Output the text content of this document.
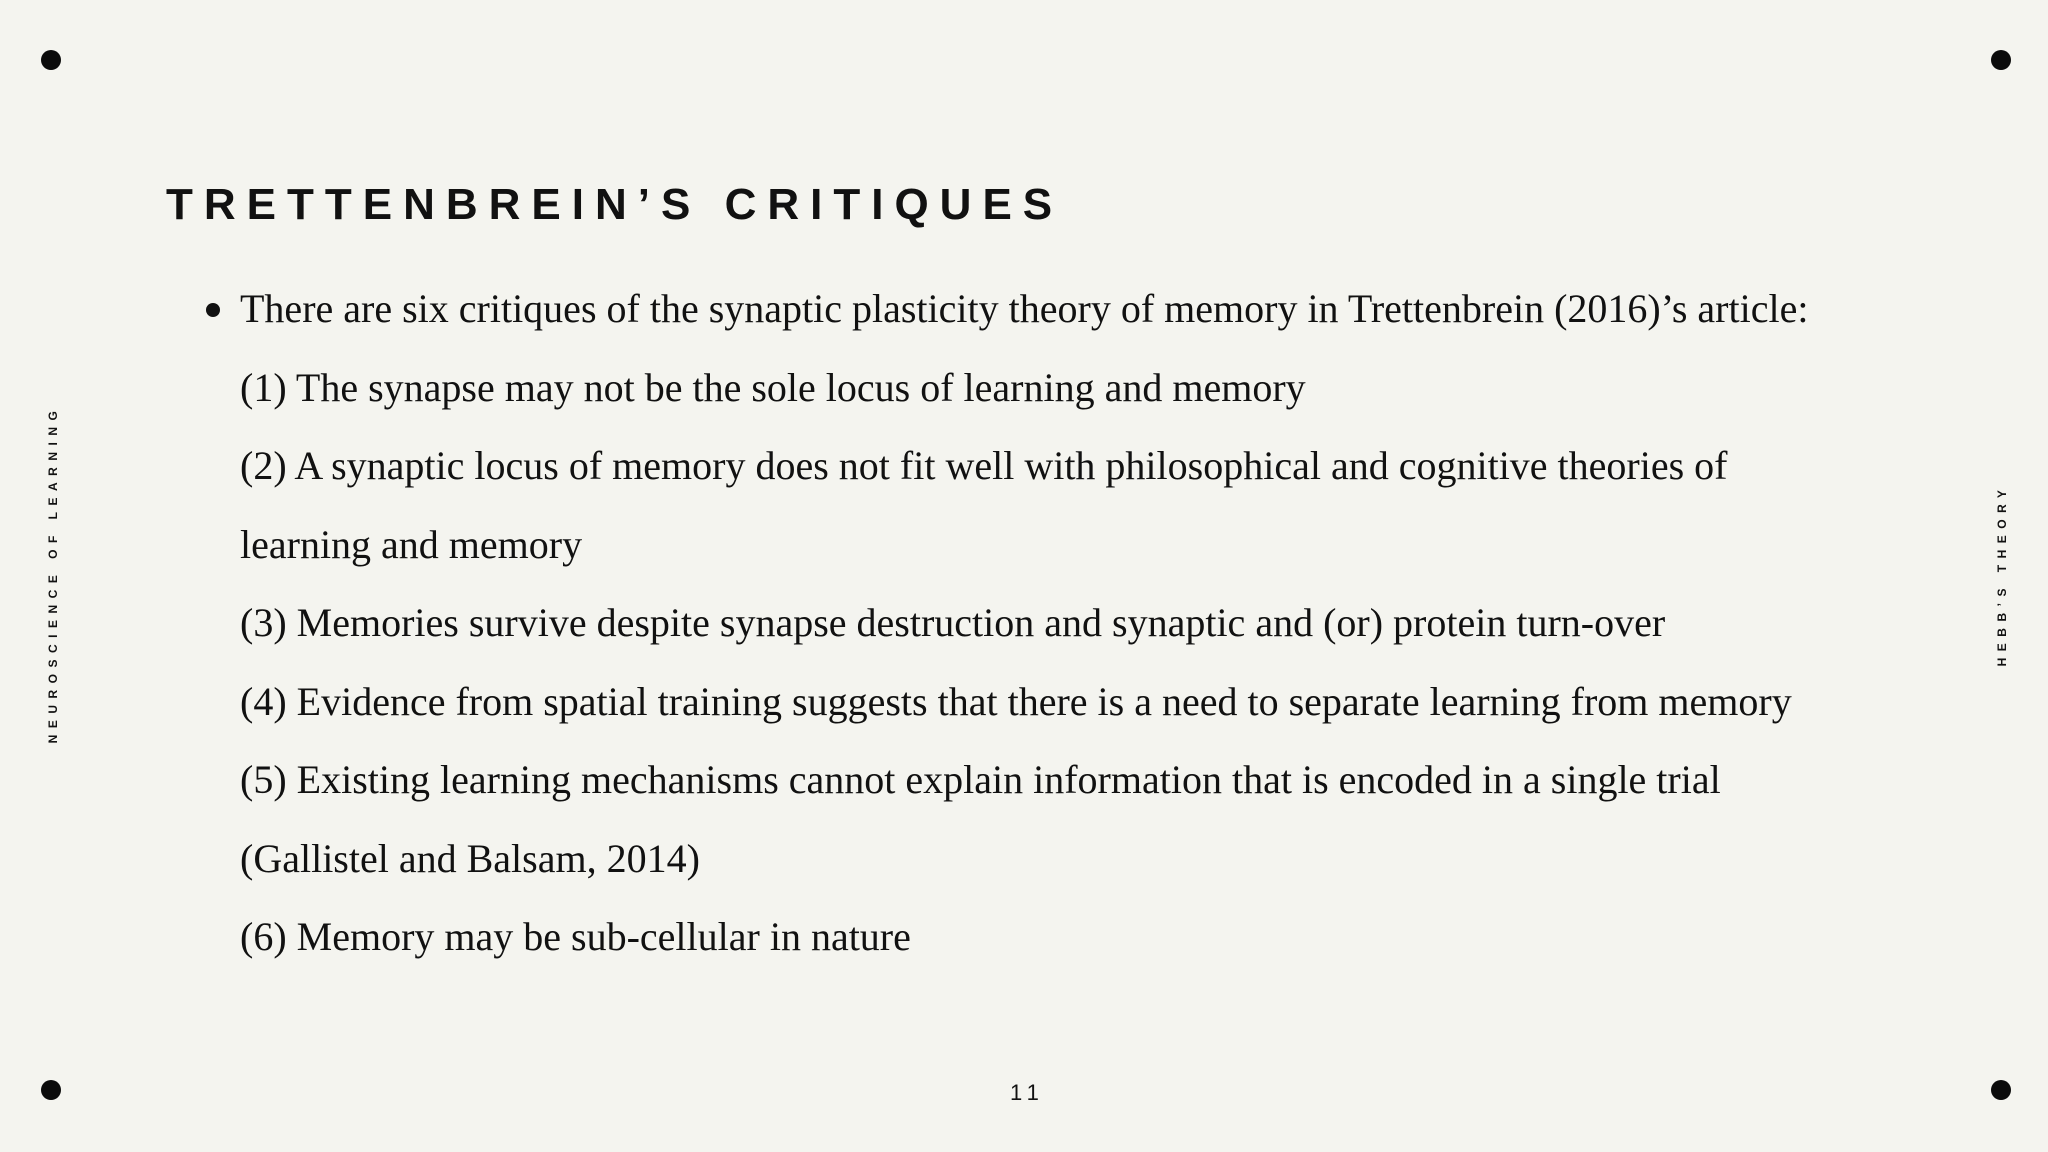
TRETTENBREIN’S CRITIQUES
There are six critiques of the synaptic plasticity theory of memory in Trettenbrein (2016)’s article:
(1) The synapse may not be the sole locus of learning and memory
(2) A synaptic locus of memory does not fit well with philosophical and cognitive theories of
learning and memory
(3) Memories survive despite synapse destruction and synaptic and (or) protein turn-over
(4) Evidence from spatial training suggests that there is a need to separate learning from memory
(5) Existing learning mechanisms cannot explain information that is encoded in a single trial
(Gallistel and Balsam, 2014)
(6) Memory may be sub-cellular in nature
NEUROSCIENCE OF LEARNING	HEBB’S THEORY
11
